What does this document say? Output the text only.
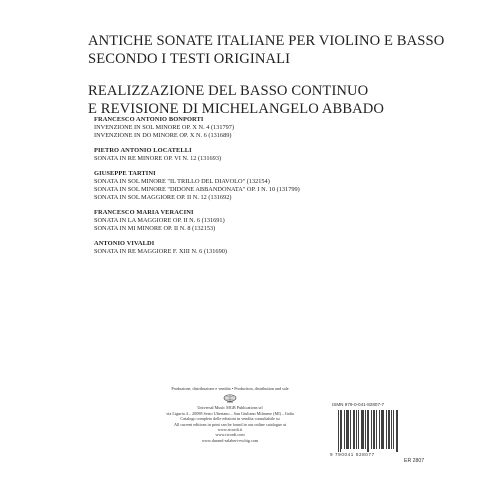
ANTICHE SONATE ITALIANE PER VIOLINO E BASSO
SECONDO I TESTI ORIGINALI
REALIZZAZIONE DEL BASSO CONTINUO
E REVISIONE DI MICHELANGELO ABBADO
FRANCESCO ANTONIO BONPORTI
INVENZIONE IN SOL MINORE OP. X N. 4 (131797)
INVENZIONE IN DO MINORE OP. X N. 6 (131689)
PIETRO ANTONIO LOCATELLI
SONATA IN RE MINORE OP. VI N. 12 (131693)
GIUSEPPE TARTINI
SONATA IN SOL MINORE "IL TRILLO DEL DIAVOLO" (132154)
SONATA IN SOL MINORE "DIDONE ABBANDONATA" OP. I N. 10 (131799)
SONATA IN SOL MAGGIORE OP. II N. 12 (131692)
FRANCESCO MARIA VERACINI
SONATA IN LA MAGGIORE OP. II N. 6 (131691)
SONATA IN MI MINORE OP. II N. 8 (132153)
ANTONIO VIVALDI
SONATA IN RE MAGGIORE F. XIII N. 6 (131690)
Produzione, distribuzione e vendita • Production, distribution and sale
Universal Music MGB Publications srl
via Liguria 4 – 20098 Sesto Ulteriano – San Giuliano Milanese (MI) – Italia
Catalogo completo delle edizioni in vendita consultabile su
All current editions in print can be found in our online catalogue at
www.ricordi.it
www.ricordi.com
www.durand-salabert-eschig.com
ISMN 979-0-041-82807-7
9 790041 828077
ER 2807
